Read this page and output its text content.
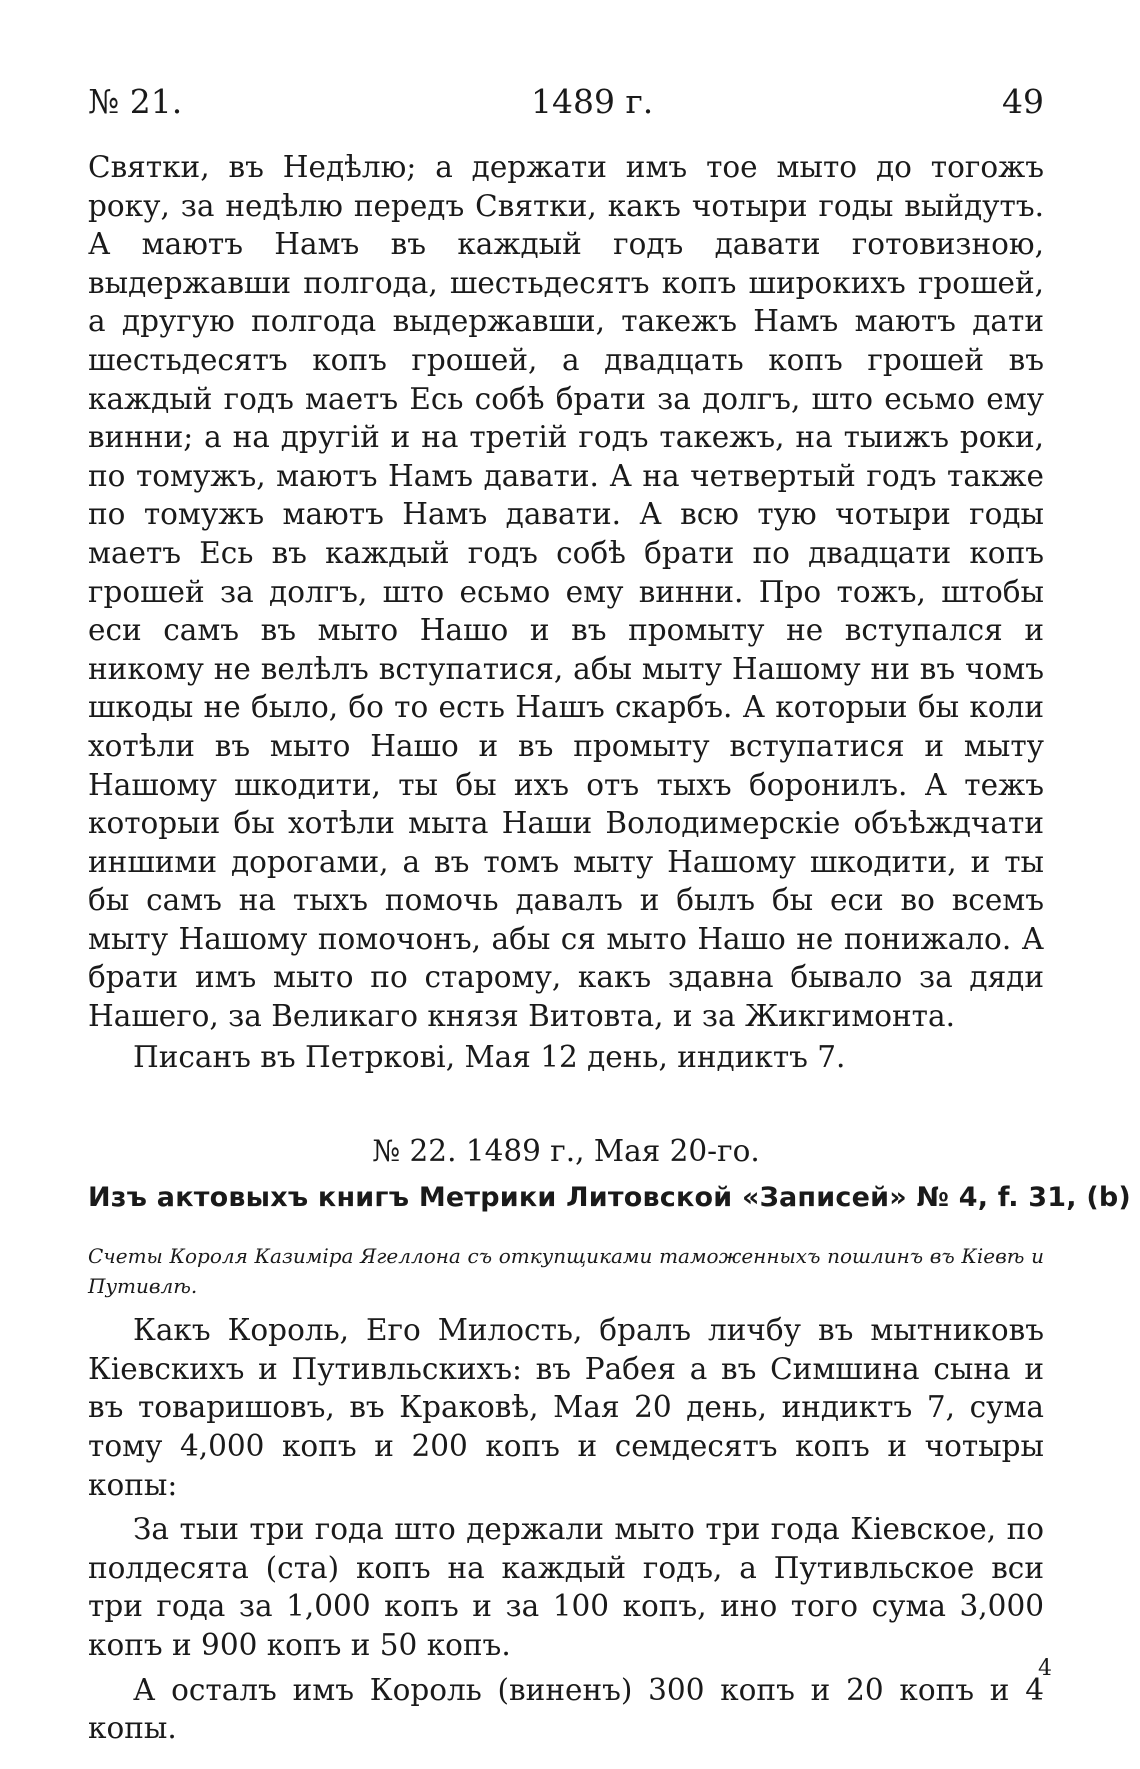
№ 21.	1489 г.	49

Святки, въ Недѣлю; а держати имъ тое мыто до тогожъ року, за недѣлю передъ Святки, какъ чотыри годы выйдутъ. А маютъ Намъ въ каждый годъ давати готовизною, выдержавши полгода, шестьдесятъ копъ широкихъ грошей, а другую полгода выдержавши, такежъ Намъ маютъ дати шестьдесятъ копъ грошей, а двадцать копъ грошей въ каждый годъ маетъ Есь собѣ брати за долгъ, што есьмо ему винни; а на другій и на третій годъ такежъ, на тыижъ роки, по томужъ, маютъ Намъ давати. А на четвертый годъ также по томужъ маютъ Намъ давати. А всю тую чотыри годы маетъ Есь въ каждый годъ собѣ брати по двадцати копъ грошей за долгъ, што есьмо ему винни. Про тожъ, штобы еси самъ въ мыто Нашо и въ промыту не вступался и никому не велѣлъ вступатися, абы мыту Нашому ни въ чомъ шкоды не было, бо то есть Нашъ скарбъ. А которыи бы коли хотѣли въ мыто Нашо и въ промыту вступатися и мыту Нашому шкодити, ты бы ихъ отъ тыхъ боронилъ. А тежъ которыи бы хотѣли мыта Наши Володимерскіе объѣждчати иншими дорогами, а въ томъ мыту Нашому шкодити, и ты бы самъ на тыхъ помочь давалъ и былъ бы еси во всемъ мыту Нашому помочонъ, абы ся мыто Нашо не понижало. А брати имъ мыто по старому, какъ здавна бывало за дяди Нашего, за Великаго князя Витовта, и за Жикгимонта.

Писанъ въ Петркові, Мая 12 день, индиктъ 7.

№ 22. 1489 г., Мая 20-го.
Изъ актовыхъ книгъ Метрики Литовской «Записей» № 4, f. 31, (b)

Счеты Короля Казиміра Ягеллона съ откупщиками таможенныхъ пошлинъ въ Кіевѣ и Путивлѣ.

Какъ Король, Его Милость, бралъ личбу въ мытниковъ Кіевскихъ и Путивльскихъ: въ Рабея а въ Симшина сына и въ товаришовъ, въ Краковѣ, Мая 20 день, индиктъ 7, сума тому 4,000 копъ и 200 копъ и семдесятъ копъ и чотыры копы:

За тыи три года што держали мыто три года Кіевское, по полдесята (ста) копъ на каждый годъ, а Путивльское вси три года за 1,000 копъ и за 100 копъ, ино того сума 3,000 копъ и 900 копъ и 50 копъ.

А осталъ имъ Король (виненъ) 300 копъ и 20 копъ и 4 копы.

4
